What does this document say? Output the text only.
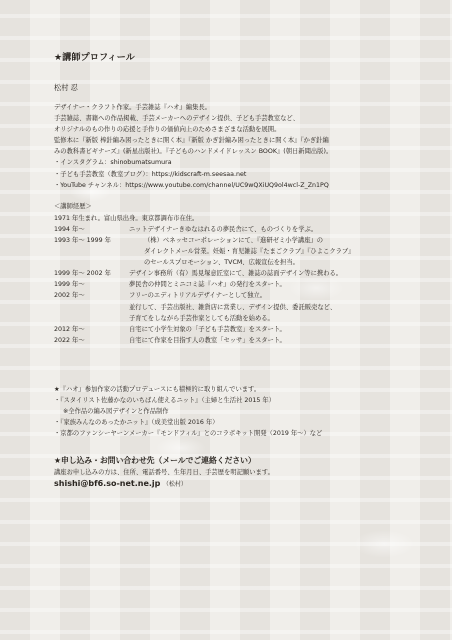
★講師プロフィール
松村 忍
デザイナー・クラフト作家。手芸雑誌『ハオ』編集長。
手芸雑誌、書籍への作品掲載、手芸メーカーへのデザイン提供、子ども手芸教室など、
オリジナルのもの作りの応援と手作りの価値向上のためさまざまな活動を展開。
監修本に『新版 棒針編み困ったときに開く本』『新版 かぎ針編み困ったときに開く本』『かぎ針編
みの教科書ビギナーズ』(新星出版社)。『子どものハンドメイドレッスン BOOK』(朝日新聞出版)。
・インスタグラム：shinobumatsumura
・子ども手芸教室（教室ブログ）：https://kidscraft-m.seesaa.net
・YouTube チャンネル：https://www.youtube.com/channel/UC9wQXiUQ9ol4wcl-Z_Zn1PQ
＜講師経歴＞
1971 年生まれ。富山県出身。東京都調布市在住。
1994 年〜	ニットデザイナーきゆなはれるの夢民舎にて、ものづくりを学ぶ。
1993 年〜 1999 年	（株）ベネッセコーポレーションにて、『進研ゼミ小学講座』の
ダイレクトメール営業。妊娠・育児雑誌『たまごクラブ』『ひよこクラブ』
のセールスプロモーション、TVCM、広報宣伝を担当。
1999 年〜 2002 年	デザイン事務所（有）馬見塚意匠室にて、雑誌の誌面デザイン等に携わる。
1999 年〜	夢民舎の仲間とミニコミ誌『ハオ』の発行をスタート。
2002 年〜	フリーのエディトリアルデザイナーとして独立。
並行して、手芸出版社、雑貨店に営業し、デザイン提供、委託販売など、
子育てをしながら手芸作家としても活動を始める。
2012 年〜	自宅にて小学生対象の「子ども手芸教室」をスタート。
2022 年〜	自宅にて作家を目指す人の教室「セッサ」をスタート。
★『ハオ』参加作家の活動プロデュースにも積極的に取り組んでいます。
・『スタイリスト佐藤かなのいちばん使えるニット』（主婦と生活社 2015 年）
※全作品の編み図デザインと作品制作
・『家族みんなのあったかニット』（成美堂出版 2016 年）
・京都のファンシーヤーンメーカー『モンドフィル』とのコラボキット開発（2019 年〜）など
★申し込み・お問い合わせ先（メールでご連絡ください）
講座お申し込みの方は、住所、電話番号、生年月日、手芸歴を明記願います。
shishi@bf6.so-net.ne.jp （松村）
